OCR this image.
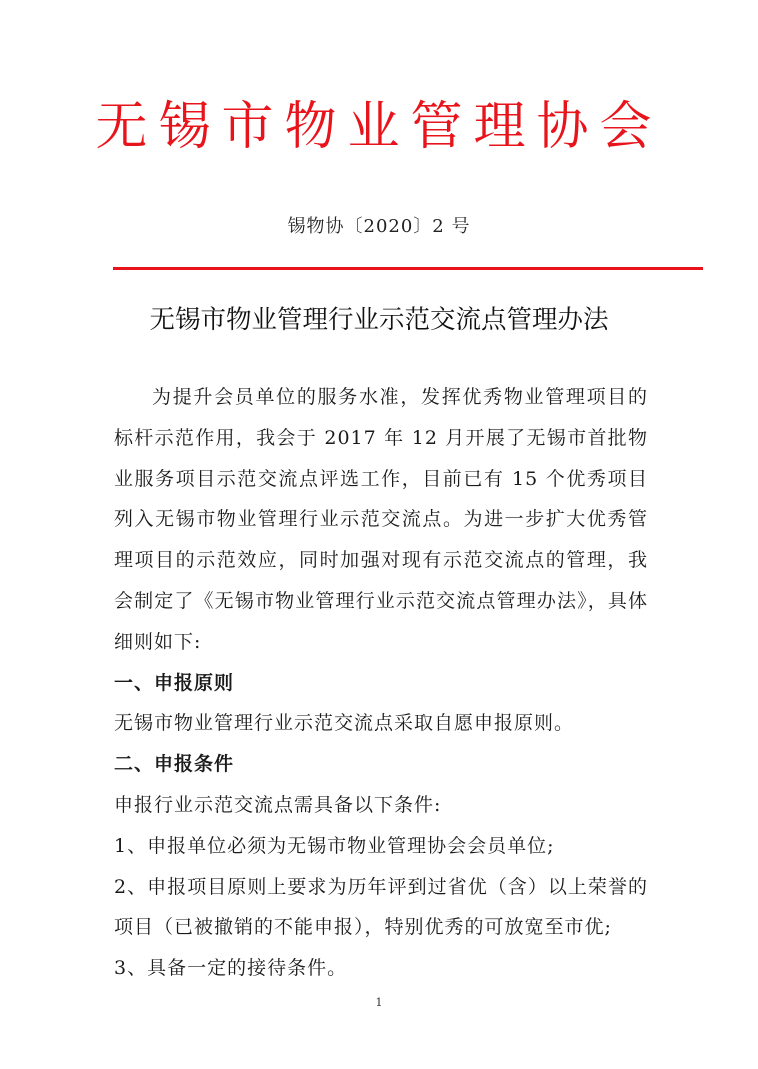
无锡市物业管理协会
锡物协〔2020〕2 号
无锡市物业管理行业示范交流点管理办法

为提升会员单位的服务水准，发挥优秀物业管理项目的标杆示范作用，我会于 2017 年 12 月开展了无锡市首批物业服务项目示范交流点评选工作，目前已有 15 个优秀项目列入无锡市物业管理行业示范交流点。为进一步扩大优秀管理项目的示范效应，同时加强对现有示范交流点的管理，我会制定了《无锡市物业管理行业示范交流点管理办法》，具体细则如下:

一、申报原则

无锡市物业管理行业示范交流点采取自愿申报原则。

二、申报条件

申报行业示范交流点需具备以下条件:

1、申报单位必须为无锡市物业管理协会会员单位;

2、申报项目原则上要求为历年评到过省优（含）以上荣誉的项目（已被撤销的不能申报），特别优秀的可放宽至市优;

3、具备一定的接待条件。

1
